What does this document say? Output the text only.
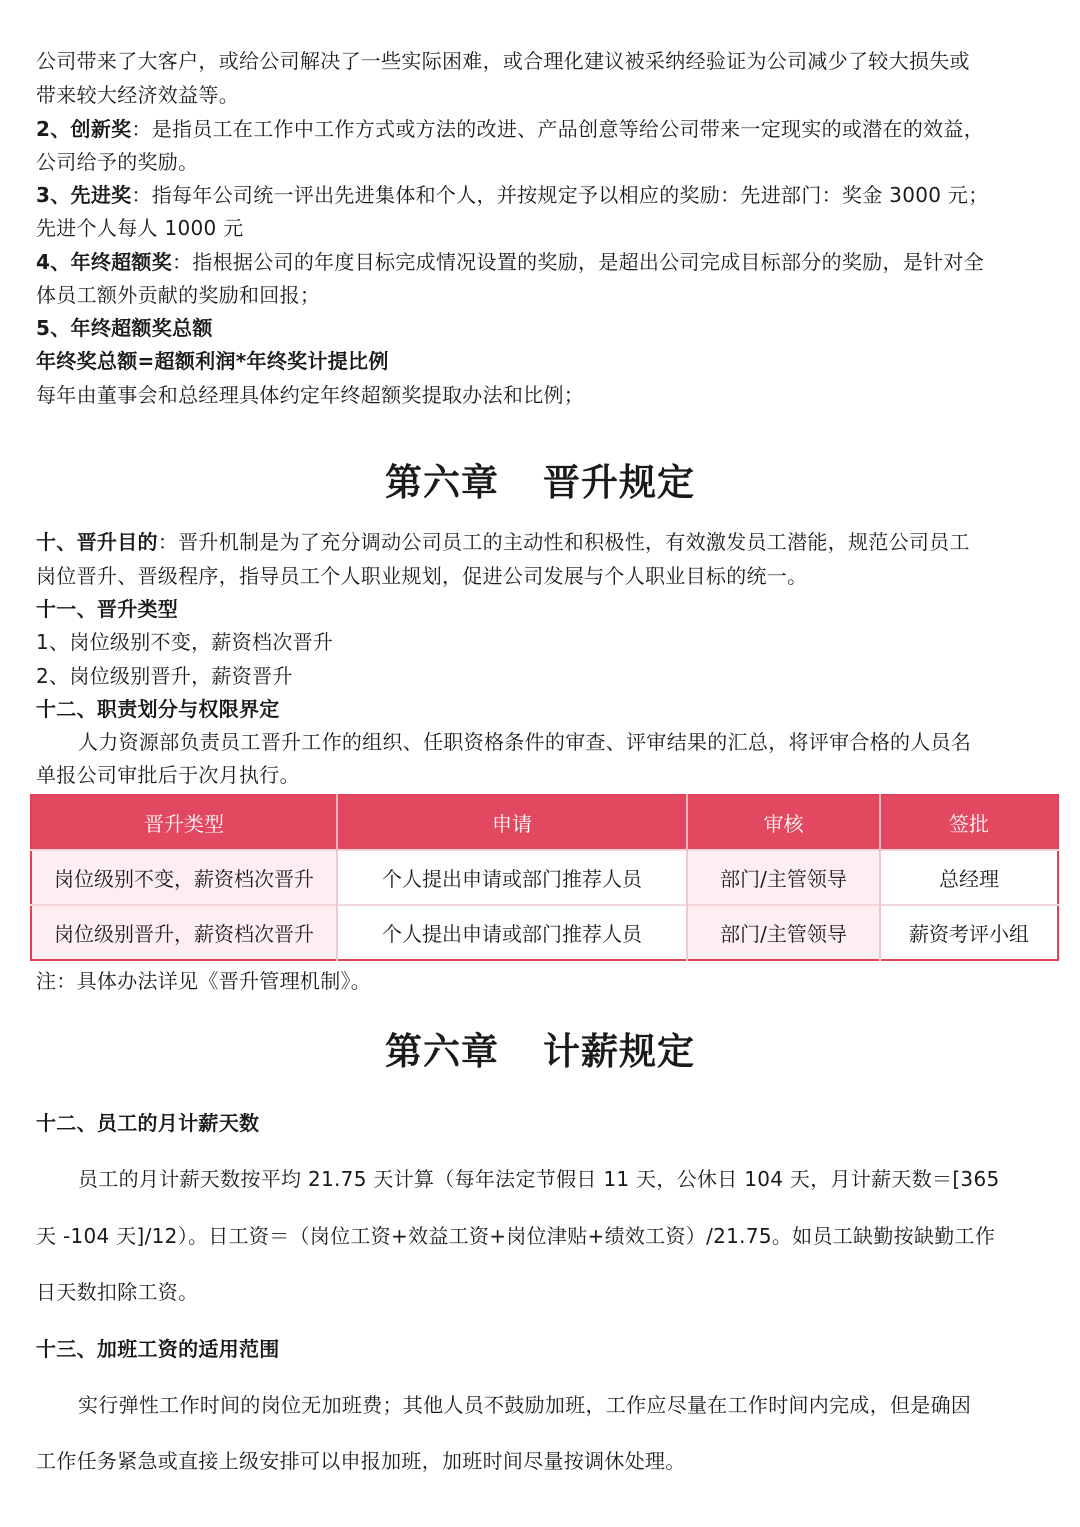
公司带来了大客户，或给公司解决了一些实际困难，或合理化建议被采纳经验证为公司减少了较大损失或
带来较大经济效益等。
2、创新奖：是指员工在工作中工作方式或方法的改进、产品创意等给公司带来一定现实的或潜在的效益，
公司给予的奖励。
3、先进奖：指每年公司统一评出先进集体和个人，并按规定予以相应的奖励：先进部门：奖金 3000 元；
先进个人每人 1000 元
4、年终超额奖：指根据公司的年度目标完成情况设置的奖励，是超出公司完成目标部分的奖励，是针对全
体员工额外贡献的奖励和回报；
5、年终超额奖总额
年终奖总额=超额利润*年终奖计提比例
每年由董事会和总经理具体约定年终超额奖提取办法和比例；
第六章 晋升规定
十、晋升目的：晋升机制是为了充分调动公司员工的主动性和积极性，有效激发员工潜能，规范公司员工
岗位晋升、晋级程序，指导员工个人职业规划，促进公司发展与个人职业目标的统一。
十一、晋升类型
1、岗位级别不变，薪资档次晋升
2、岗位级别晋升，薪资晋升
十二、职责划分与权限界定
人力资源部负责员工晋升工作的组织、任职资格条件的审查、评审结果的汇总，将评审合格的人员名
单报公司审批后于次月执行。
晋升类型	申请	审核	签批
岗位级别不变，薪资档次晋升	个人提出申请或部门推荐人员	部门/主管领导	总经理
岗位级别晋升，薪资档次晋升	个人提出申请或部门推荐人员	部门/主管领导	薪资考评小组
注：具体办法详见《晋升管理机制》。
第六章 计薪规定
十二、员工的月计薪天数
员工的月计薪天数按平均 21.75 天计算（每年法定节假日 11 天，公休日 104 天，月计薪天数＝[365
天 -104 天]/12）。日工资＝（岗位工资+效益工资+岗位津贴+绩效工资）/21.75。如员工缺勤按缺勤工作
日天数扣除工资。
十三、加班工资的适用范围
实行弹性工作时间的岗位无加班费；其他人员不鼓励加班，工作应尽量在工作时间内完成，但是确因
工作任务紧急或直接上级安排可以申报加班，加班时间尽量按调休处理。
